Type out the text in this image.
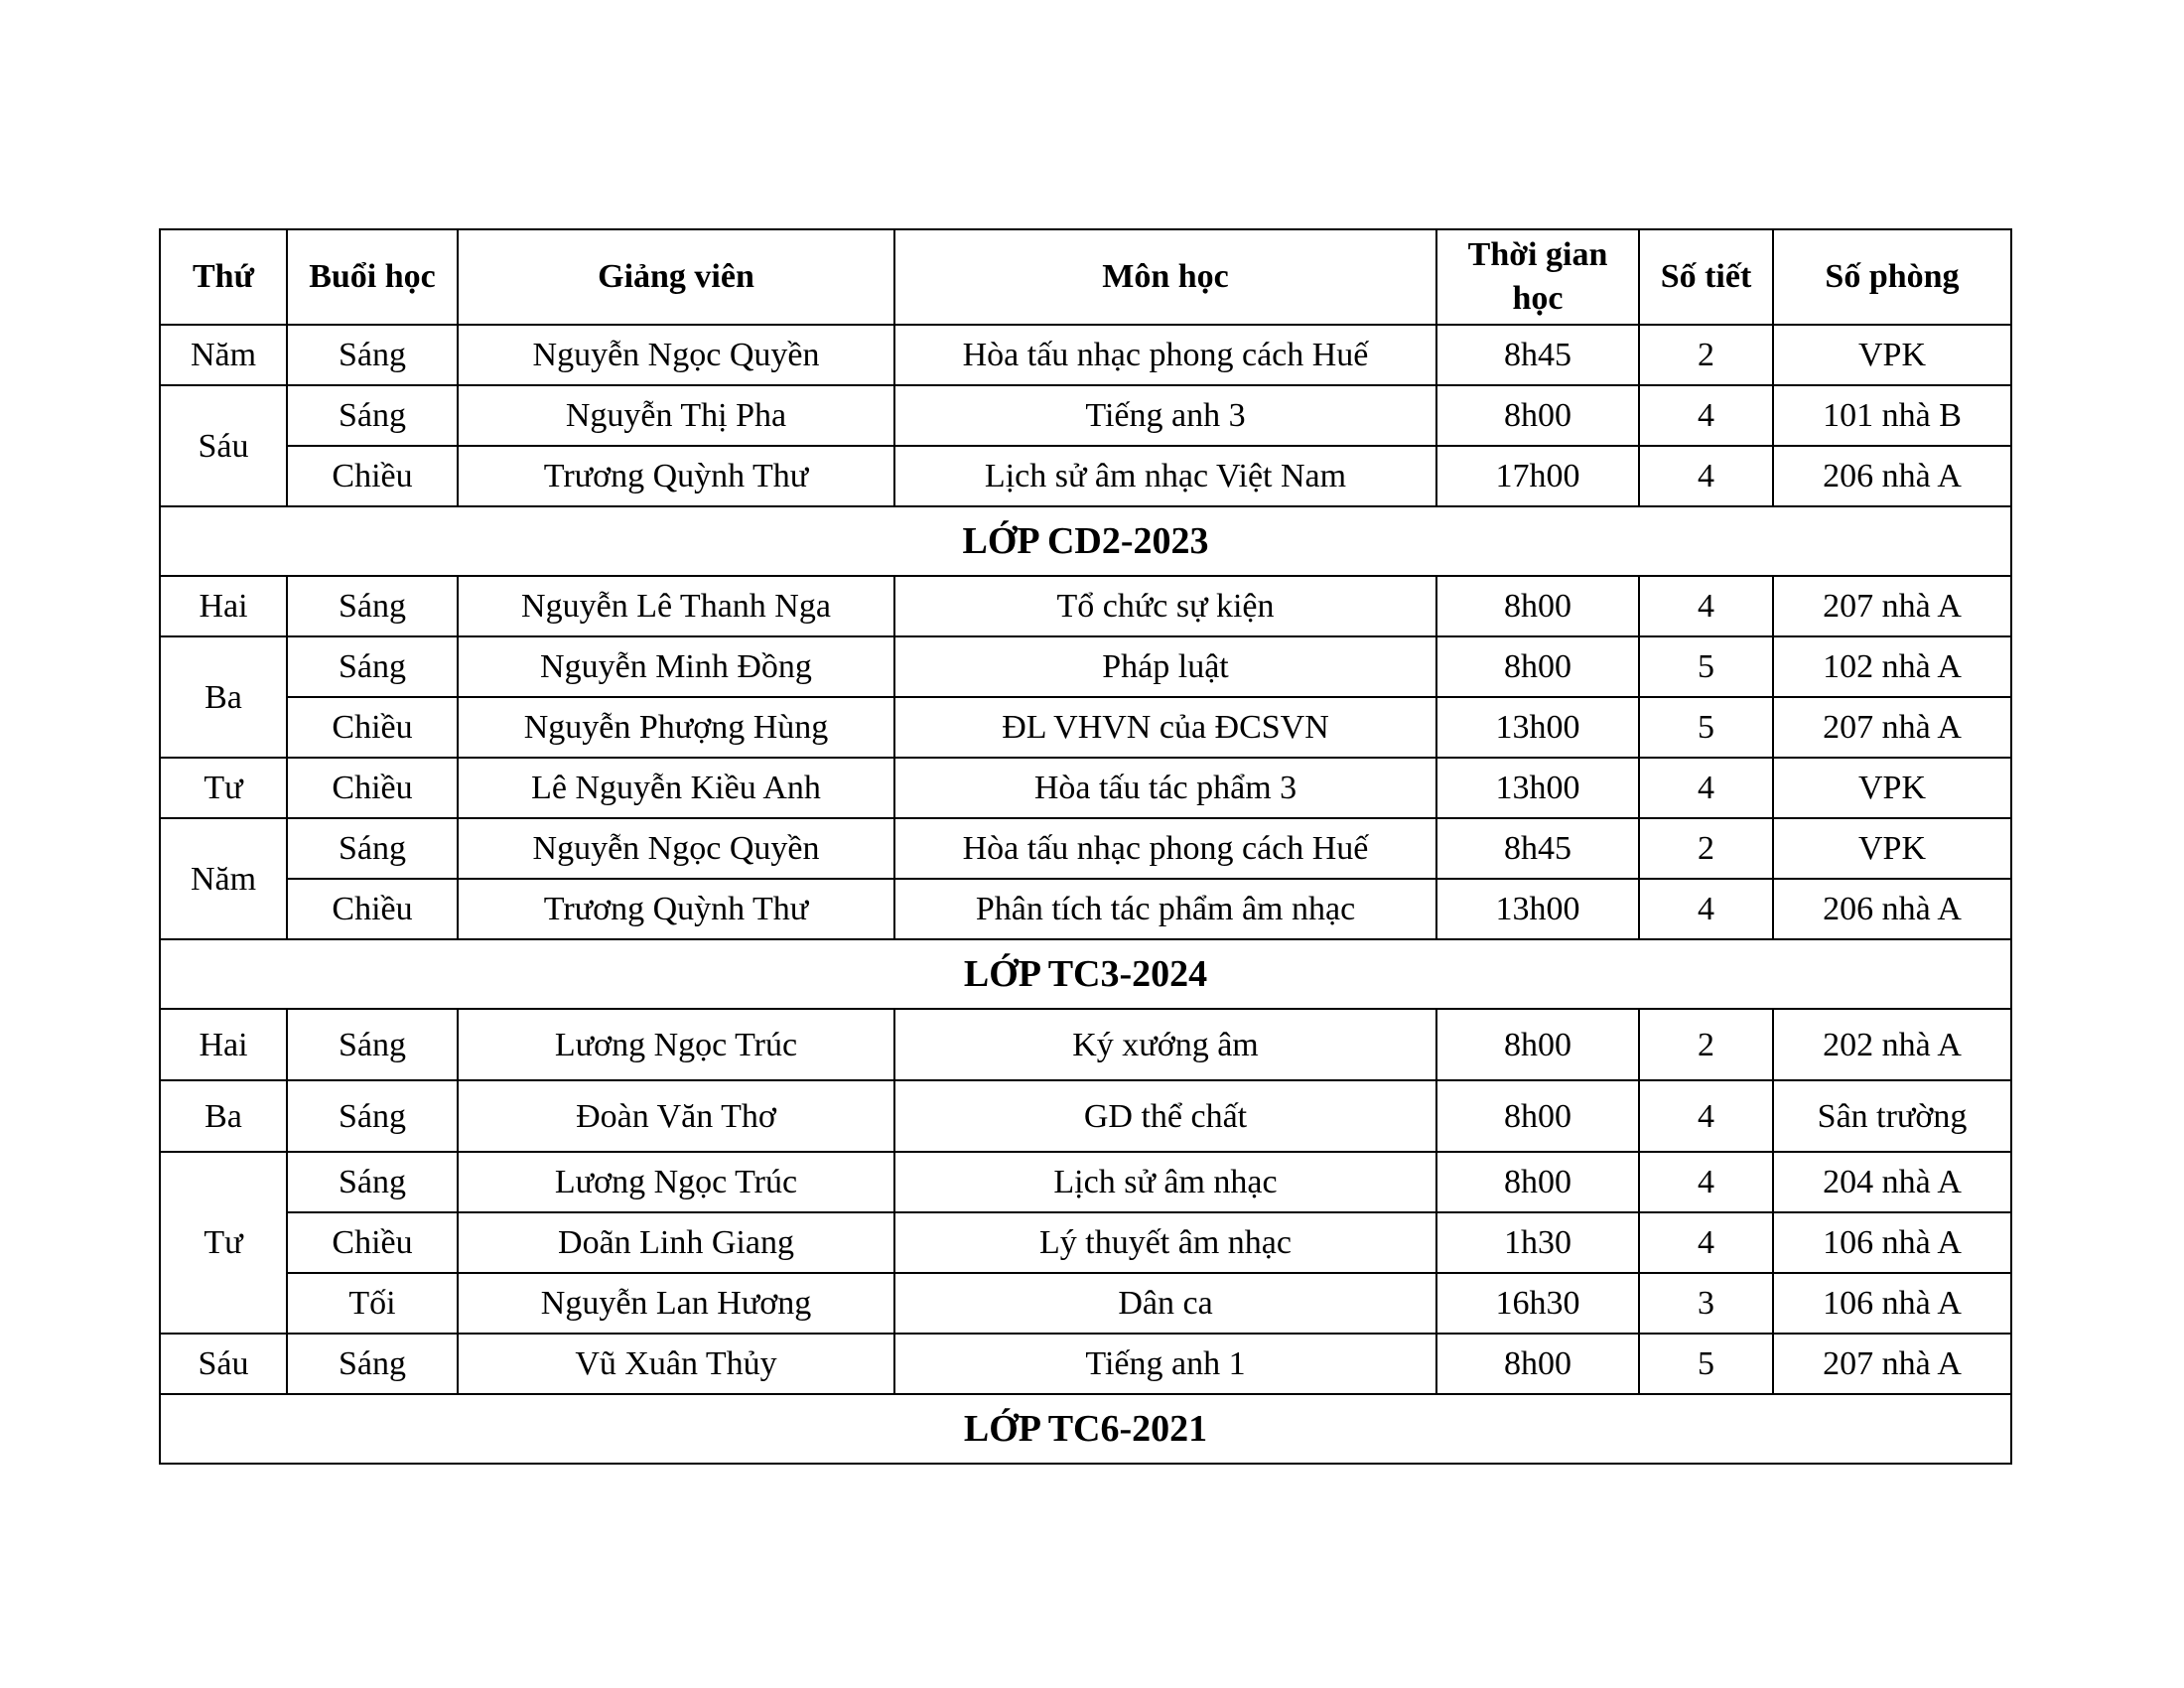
Thứ	Buổi học	Giảng viên	Môn học	Thời gian học	Số tiết	Số phòng
Năm	Sáng	Nguyễn Ngọc Quyền	Hòa tấu nhạc phong cách Huế	8h45	2	VPK
Sáu	Sáng	Nguyễn Thị Pha	Tiếng anh 3	8h00	4	101 nhà B
	Chiều	Trương Quỳnh Thư	Lịch sử âm nhạc Việt Nam	17h00	4	206 nhà A
LỚP CD2-2023						
Hai	Sáng	Nguyễn Lê Thanh Nga	Tổ chức sự kiện	8h00	4	207 nhà A
Ba	Sáng	Nguyễn Minh Đồng	Pháp luật	8h00	5	102 nhà A
	Chiều	Nguyễn Phượng Hùng	ĐL VHVN của ĐCSVN	13h00	5	207 nhà A
Tư	Chiều	Lê Nguyễn Kiều Anh	Hòa tấu tác phẩm 3	13h00	4	VPK
Năm	Sáng	Nguyễn Ngọc Quyền	Hòa tấu nhạc phong cách Huế	8h45	2	VPK
	Chiều	Trương Quỳnh Thư	Phân tích tác phẩm âm nhạc	13h00	4	206 nhà A
LỚP TC3-2024						
Hai	Sáng	Lương Ngọc Trúc	Ký xướng âm	8h00	2	202 nhà A
Ba	Sáng	Đoàn Văn Thơ	GD thể chất	8h00	4	Sân trường
Tư	Sáng	Lương Ngọc Trúc	Lịch sử âm nhạc	8h00	4	204 nhà A
	Chiều	Doãn Linh Giang	Lý thuyết âm nhạc	1h30	4	106 nhà A
	Tối	Nguyễn Lan Hương	Dân ca	16h30	3	106 nhà A
Sáu	Sáng	Vũ Xuân Thủy	Tiếng anh 1	8h00	5	207 nhà A
LỚP TC6-2021						
